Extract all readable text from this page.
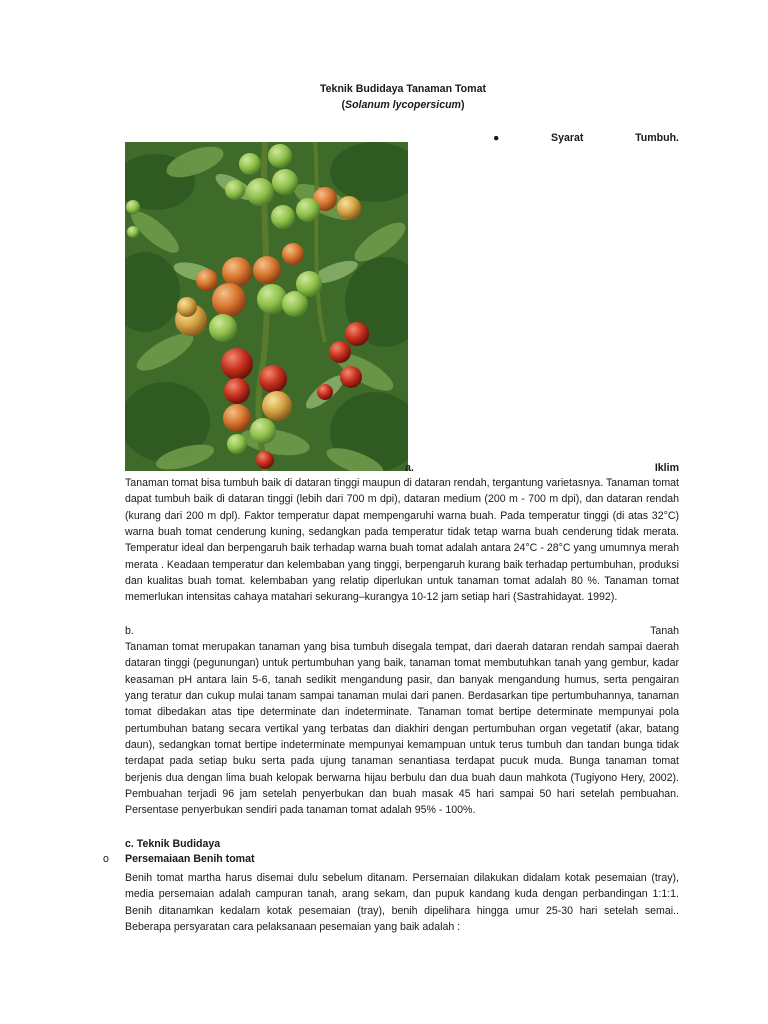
Teknik Budidaya Tanaman Tomat
(Solanum lycopersicum)
●	Syarat	Tumbuh.
a.	Iklim
Tanaman tomat bisa tumbuh baik di dataran tinggi maupun di dataran rendah, tergantung varietasnya. Tanaman tomat dapat tumbuh baik di dataran tinggi (lebih dari 700 m dpi), dataran medium (200 m - 700 m dpi), dan dataran rendah (kurang dari 200 m dpl). Faktor temperatur dapat mempengaruhi warna buah. Pada temperatur tinggi (di atas 32°C) warna buah tomat cenderung kuning, sedangkan pada temperatur tidak tetap warna buah cenderung tidak merata. Temperatur ideal dan berpengaruh baik terhadap warna buah tomat adalah antara 24°C - 28°C yang umumnya merah merata . Keadaan temperatur dan kelembaban yang tinggi, berpengaruh kurang baik terhadap pertumbuhan, produksi dan kualitas buah tomat. kelembaban yang relatip diperlukan untuk tanaman tomat adalah 80 %. Tanaman tomat memerlukan intensitas cahaya matahari sekurang–kurangya 10-12 jam setiap hari (Sastrahidayat. 1992).
b.	Tanah
Tanaman tomat merupakan tanaman yang bisa tumbuh disegala tempat, dari daerah dataran rendah sampai daerah dataran tinggi (pegunungan) untuk pertumbuhan yang baik, tanaman tomat membutuhkan tanah yang gembur, kadar keasaman pH antara lain 5-6, tanah sedikit mengandung pasir, dan banyak mengandung humus, serta pengairan yang teratur dan cukup mulai tanam sampai tanaman mulai dari panen. Berdasarkan tipe pertumbuhannya, tanaman tomat dibedakan atas tipe determinate dan indeterminate. Tanaman tomat bertipe determinate mempunyai pola pertumbuhan batang secara vertikal yang terbatas dan diakhiri dengan pertumbuhan organ vegetatif (akar, batang daun), sedangkan tomat bertipe indeterminate mempunyai kemampuan untuk terus tumbuh dan tandan bunga tidak terdapat pada setiap buku serta pada ujung tanaman senantiasa terdapat pucuk muda. Bunga tanaman tomat berjenis dua dengan lima buah kelopak berwarna hijau berbulu dan dua buah daun mahkota (Tugiyono Hery, 2002). Pembuahan terjadi 96 jam setelah penyerbukan dan buah masak 45 hari sampai 50 hari setelah pembuahan. Persentase penyerbukan sendiri pada tanaman tomat adalah 95% - 100%.
c. Teknik Budidaya
o Persemaiaan Benih tomat
Benih tomat martha harus disemai dulu sebelum ditanam. Persemaian dilakukan didalam kotak pesemaian (tray), media persemaian adalah campuran tanah, arang sekam, dan pupuk kandang kuda dengan perbandingan 1:1:1. Benih ditanamkan kedalam kotak pesemaian (tray), benih dipelihara hingga umur 25-30 hari setelah semai.. Beberapa persyaratan cara pelaksanaan pesemaian yang baik adalah :
